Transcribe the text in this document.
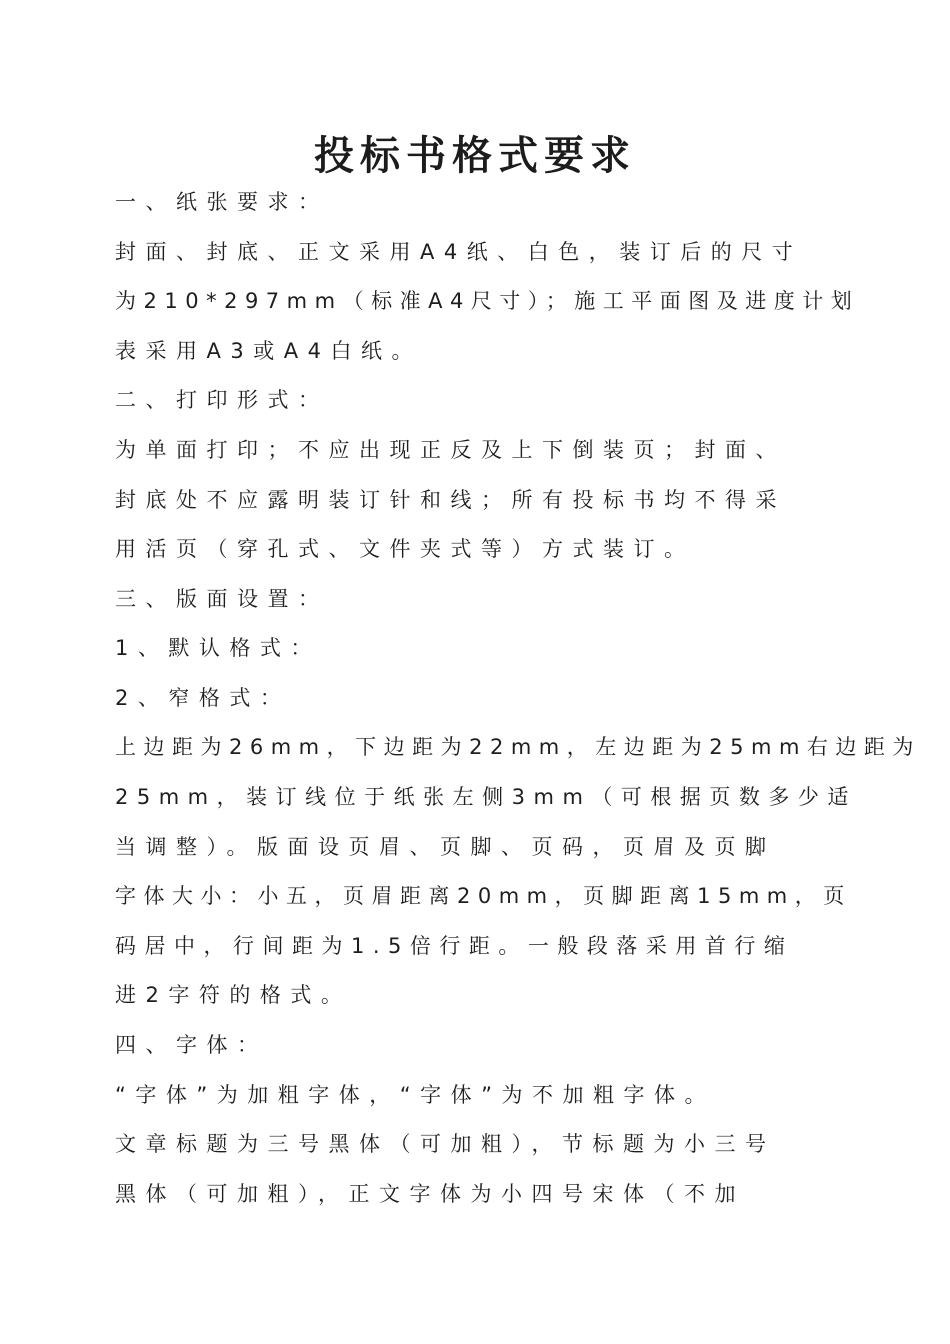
投标书格式要求
一、纸张要求：
封面、封底、正文采用A4纸、白色，装订后的尺寸
为210*297mm（标准A4尺寸）；施工平面图及进度计划
表采用A3或A4白纸。
二、打印形式：
为单面打印；不应出现正反及上下倒装页；封面、
封底处不应露明装订针和线；所有投标书均不得采
用活页（穿孔式、文件夹式等）方式装订。
三、版面设置：
1、默认格式：
2、窄格式：
上边距为26mm，下边距为22mm，左边距为25mm右边距为
25mm，装订线位于纸张左侧3mm（可根据页数多少适
当调整）。版面设页眉、页脚、页码，页眉及页脚
字体大小：小五，页眉距离20mm，页脚距离15mm，页
码居中，行间距为1.5倍行距。一般段落采用首行缩
进2字符的格式。
四、字体：
“字体”为加粗字体，“字体”为不加粗字体。
文章标题为三号黑体（可加粗），节标题为小三号
黑体（可加粗），正文字体为小四号宋体（不加
